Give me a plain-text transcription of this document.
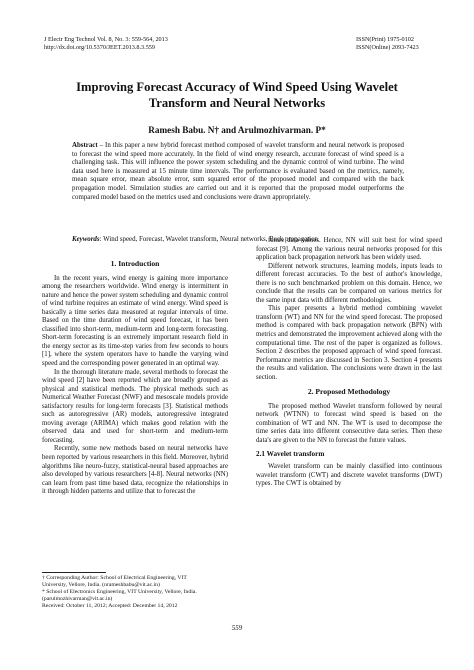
J Electr Eng Technol Vol. 8, No. 3: 559-564, 2013
http://dx.doi.org/10.5370/JEET.2013.8.3.559
ISSN(Print) 1975-0102
ISSN(Online) 2093-7423
Improving Forecast Accuracy of Wind Speed Using Wavelet
Transform and Neural Networks
Ramesh Babu. N† and Arulmozhivarman. P*
Abstract – In this paper a new hybrid forecast method composed of wavelet transform and neural network is proposed to forecast the wind speed more accurately. In the field of wind energy research, accurate forecast of wind speed is a challenging task. This will influence the power system scheduling and the dynamic control of wind turbine. The wind data used here is measured at 15 minute time intervals. The performance is evaluated based on the metrics, namely, mean square error, mean absolute error, sum squared error of the proposed model and compared with the back propagation model. Simulation studies are carried out and it is reported that the proposed model outperforms the compared model based on the metrics used and conclusions were drawn appropriately.
Keywords: Wind speed, Forecast, Wavelet transform, Neural networks, Back propagation

1. Introduction

In the recent years, wind energy is gaining more importance among the researchers worldwide. Wind energy is intermittent in nature and hence the power system scheduling and dynamic control of wind turbine requires an estimate of wind energy. Wind speed is basically a time series data measured at regular intervals of time. Based on the time duration of wind speed forecast, it has been classified into short-term, medium-term and long-term forecasting. Short-term forecasting is an extremely important research field in the energy sector as its time-step varies from few seconds to hours [1], where the system operators have to handle the varying wind speed and the corresponding power generated in an optimal way.

In the thorough literature made, several methods to forecast the wind speed [2] have been reported which are broadly grouped as physical and statistical methods. The physical methods such as Numerical Weather Forecast (NWF) and mesoscale models provide satisfactory results for long-term forecasts [3]. Statistical methods such as autoregressive (AR) models, autoregressive integrated moving average (ARIMA) which makes good relation with the observed data and used for short-term and medium-term forecasting.

Recently, some new methods based on neural networks have been reported by various researchers in this field. Moreover, hybrid algorithms like neuro-fuzzy, statistical-neural based approaches are also developed by various researchers [4-8]. Neural networks (NN) can learn from past time based data, recognize the relationships in it through hidden patterns and utilize that to forecast the

future data values. Hence, NN will suit best for wind speed forecast [9]. Among the various neural networks proposed for this application back propagation network has been widely used.

Different network structures, learning models, inputs leads to different forecast accuracies. To the best of author's knowledge, there is no such benchmarked problem on this domain. Hence, we conclude that the results can be compared on various metrics for the same input data with different methodologies.

This paper presents a hybrid method combining wavelet transform (WT) and NN for the wind speed forecast. The proposed method is compared with back propagation network (BPN) with metrics and demonstrated the improvement achieved along with the computational time. The rest of the paper is organized as follows. Section 2 describes the proposed approach of wind speed forecast. Performance metrics are discussed in Section 3. Section 4 presents the results and validation. The conclusions were drawn in the last section.

2. Proposed Methodology

The proposed method Wavelet transform followed by neural network (WTNN) to forecast wind speed is based on the combination of WT and NN. The WT is used to decompose the time series data into different consecutive data series. Then these data's are given to the NN to forecast the future values.

2.1 Wavelet transform

Wavelet transform can be mainly classified into continuous wavelet transform (CWT) and discrete wavelet transforms (DWT) types. The CWT is obtained by

† Corresponding Author: School of Electrical Engineering, VIT
University, Vellore, India. (nrameshbabu@vit.ac.in)
* School of Electronics Engineering, VIT University, Vellore, India.
(parulmozhivarman@vit.ac.in)
Received: October 11, 2012; Accepted: December 14, 2012
559
